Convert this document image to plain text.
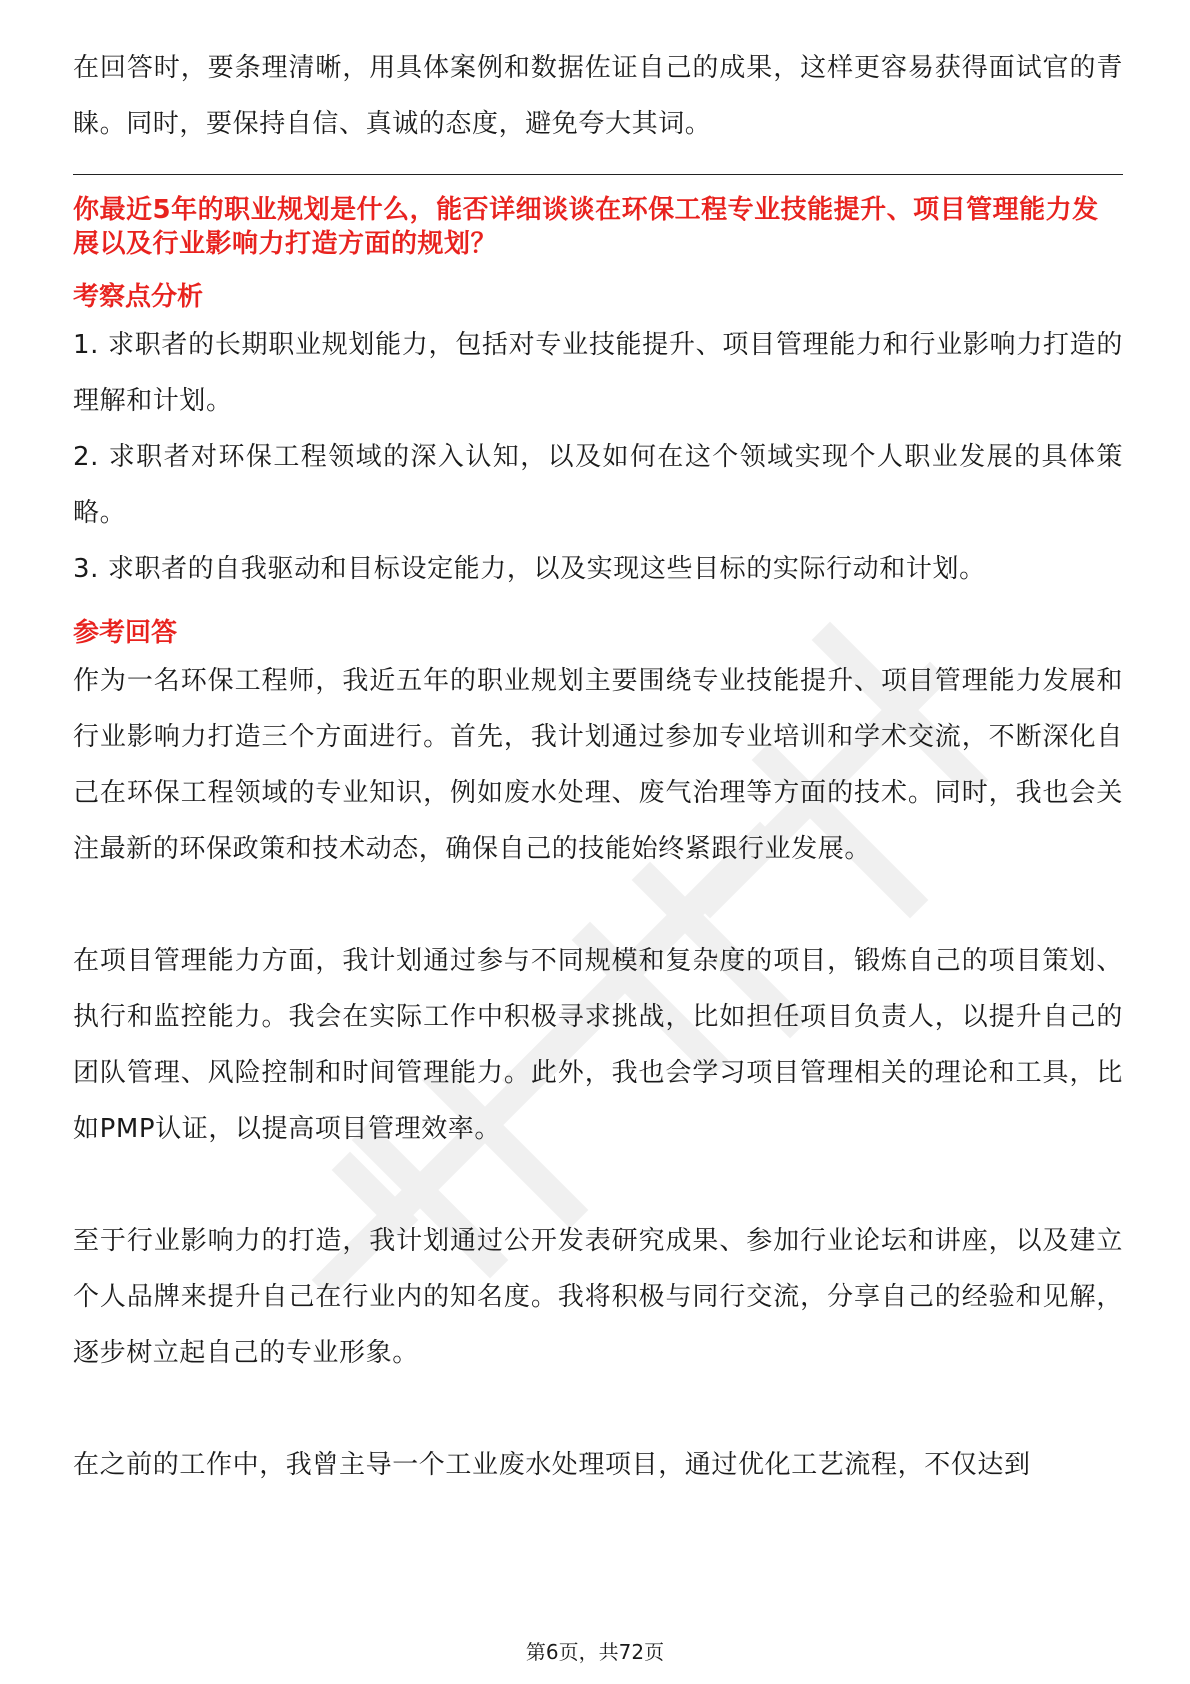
在回答时，要条理清晰，用具体案例和数据佐证自己的成果，这样更容易获得面试官的青睐。同时，要保持自信、真诚的态度，避免夸大其词。

你最近5年的职业规划是什么，能否详细谈谈在环保工程专业技能提升、项目管理能力发展以及行业影响力打造方面的规划？

考察点分析

1. 求职者的长期职业规划能力，包括对专业技能提升、项目管理能力和行业影响力打造的理解和计划。

2. 求职者对环保工程领域的深入认知，以及如何在这个领域实现个人职业发展的具体策略。

3. 求职者的自我驱动和目标设定能力，以及实现这些目标的实际行动和计划。

参考回答

作为一名环保工程师，我近五年的职业规划主要围绕专业技能提升、项目管理能力发展和行业影响力打造三个方面进行。首先，我计划通过参加专业培训和学术交流，不断深化自己在环保工程领域的专业知识，例如废水处理、废气治理等方面的技术。同时，我也会关注最新的环保政策和技术动态，确保自己的技能始终紧跟行业发展。

在项目管理能力方面，我计划通过参与不同规模和复杂度的项目，锻炼自己的项目策划、执行和监控能力。我会在实际工作中积极寻求挑战，比如担任项目负责人，以提升自己的团队管理、风险控制和时间管理能力。此外，我也会学习项目管理相关的理论和工具，比如PMP认证，以提高项目管理效率。

至于行业影响力的打造，我计划通过公开发表研究成果、参加行业论坛和讲座，以及建立个人品牌来提升自己在行业内的知名度。我将积极与同行交流，分享自己的经验和见解，逐步树立起自己的专业形象。

在之前的工作中，我曾主导一个工业废水处理项目，通过优化工艺流程，不仅达到

第6页，共72页
